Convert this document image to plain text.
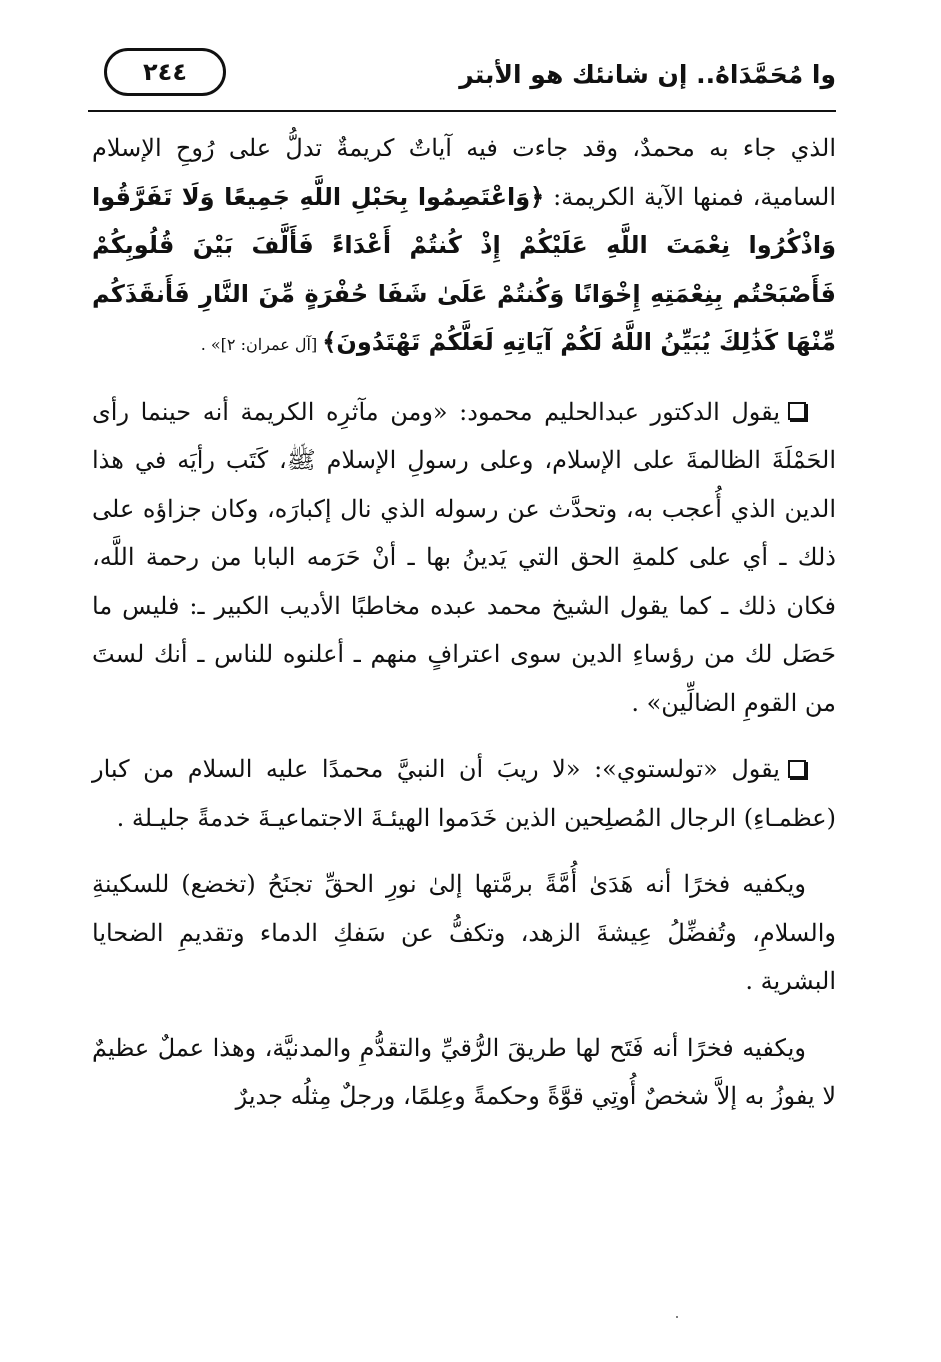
٢٤٤	وا مُحَمَّدَاهُ.. إن شانئك هو الأبتر

الذي جاء به محمدٌ، وقد جاءت فيه آياتٌ كريمةٌ تدلُّ على رُوحِ الإسلام السامية، فمنها الآية الكريمة: ﴿وَاعْتَصِمُوا بِحَبْلِ اللَّهِ جَمِيعًا وَلَا تَفَرَّقُوا وَاذْكُرُوا نِعْمَتَ اللَّهِ عَلَيْكُمْ إِذْ كُنتُمْ أَعْدَاءً فَأَلَّفَ بَيْنَ قُلُوبِكُمْ فَأَصْبَحْتُم بِنِعْمَتِهِ إِخْوَانًا وَكُنتُمْ عَلَىٰ شَفَا حُفْرَةٍ مِّنَ النَّارِ فَأَنقَذَكُم مِّنْهَا كَذَٰلِكَ يُبَيِّنُ اللَّهُ لَكُمْ آيَاتِهِ لَعَلَّكُمْ تَهْتَدُونَ﴾ [آل عمران: ٢]» .

يقول الدكتور عبدالحليم محمود: «ومن مآثرِه الكريمة أنه حينما رأى الحَمْلَةَ الظالمةَ على الإسلام، وعلى رسولِ الإسلام ﷺ، كَتَب رأيَه في هذا الدين الذي أُعجب به، وتحدَّث عن رسوله الذي نال إكبارَه، وكان جزاؤه على ذلك ـ أي على كلمةِ الحق التي يَدينُ بها ـ أنْ حَرَمه البابا من رحمة اللَّه، فكان ذلك ـ كما يقول الشيخ محمد عبده مخاطبًا الأديب الكبير ـ: فليس ما حَصَل لك من رؤساءِ الدين سوى اعترافٍ منهم ـ أعلنوه للناس ـ أنك لستَ من القومِ الضالِّين» .

يقول «تولستوي»: «لا ريبَ أن النبيَّ محمدًا عليه السلام من كبار (عظمـاءِ) الرجال المُصلِحين الذين خَدَموا الهيئـةَ الاجتماعيـةَ خدمةً جليـلة .

ويكفيه فخرًا أنه هَدَىٰ أُمَّةً برمَّتها إلىٰ نورِ الحقِّ تجنَحُ (تخضع) للسكينةِ والسلامِ، وتُفضِّلُ عِيشةَ الزهد، وتكفُّ عن سَفكِ الدماء وتقديمِ الضحايا البشرية .

ويكفيه فخرًا أنه فَتَح لها طريقَ الرُّقيِّ والتقدُّمِ والمدنيَّة، وهذا عملٌ عظيمٌ لا يفوزُ به إلاَّ شخصٌ أُوتِي قوَّةً وحكمةً وعِلمًا، ورجلٌ مِثلُه جديرٌ
